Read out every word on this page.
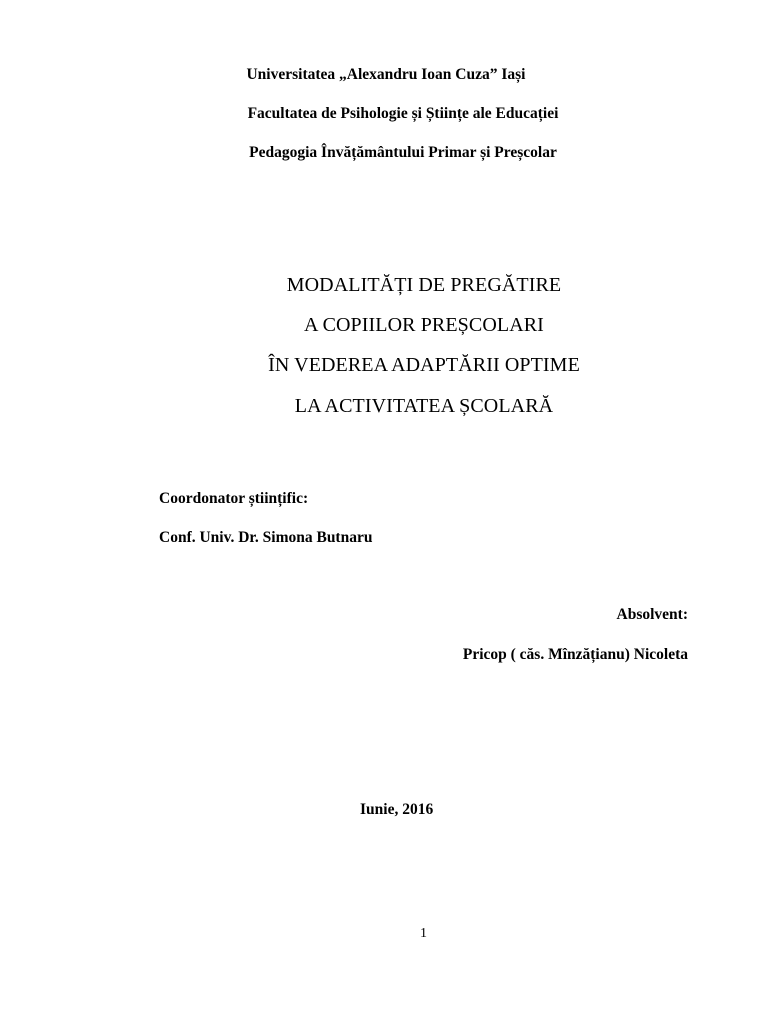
Universitatea „Alexandru Ioan Cuza” Iași
Facultatea de Psihologie și Științe ale Educației
Pedagogia Învățământului Primar și Preșcolar
MODALITĂȚI DE PREGĂTIRE
A COPIILOR PREȘCOLARI
ÎN VEDEREA ADAPTĂRII OPTIME
LA ACTIVITATEA ȘCOLARĂ
Coordonator științific:
Conf. Univ. Dr. Simona Butnaru
Absolvent:
Pricop ( căs. Mînzățianu) Nicoleta
Iunie, 2016
1
